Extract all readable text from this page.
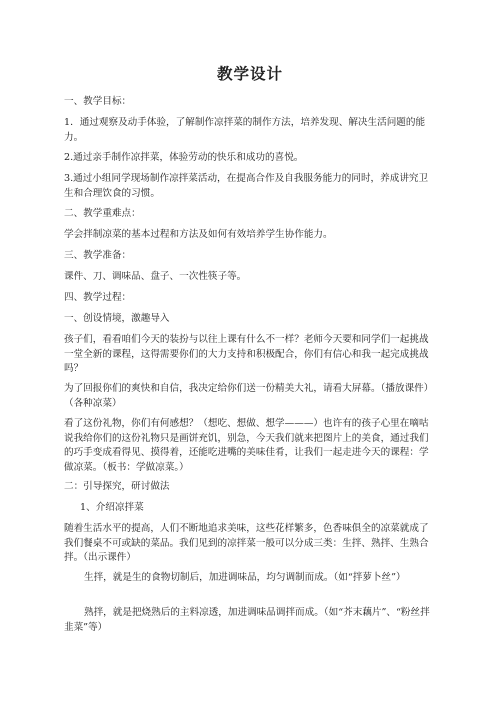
教学设计
一、教学目标：
1．通过观察及动手体验，了解制作凉拌菜的制作方法，培养发现、解决生活问题的能力。
2.通过亲手制作凉拌菜，体验劳动的快乐和成功的喜悦。
3.通过小组同学现场制作凉拌菜活动，在提高合作及自我服务能力的同时，养成讲究卫生和合理饮食的习惯。
二、教学重难点：
学会拌制凉菜的基本过程和方法及如何有效培养学生协作能力。
三、教学准备：
课件、刀、调味品、盘子、一次性筷子等。
四、教学过程：
一、创设情境，激趣导入
孩子们，看看咱们今天的装扮与以往上课有什么不一样？老师今天要和同学们一起挑战一堂全新的课程，这得需要你们的大力支持和积极配合，你们有信心和我一起完成挑战吗？
为了回报你们的爽快和自信，我决定给你们送一份精美大礼，请看大屏幕。（播放课件）（各种凉菜）
看了这份礼物，你们有何感想？（想吃、想做、想学———）也许有的孩子心里在嘀咕说我给你们的这份礼物只是画饼充饥，别急，今天我们就来把图片上的美食，通过我们的巧手变成看得见、摸得着，还能吃进嘴的美味佳肴，让我们一起走进今天的课程：学做凉菜。（板书：学做凉菜。）
二：引导探究，研讨做法
1、介绍凉拌菜
随着生活水平的提高，人们不断地追求美味，这些花样繁多，色香味俱全的凉菜就成了我们餐桌不可或缺的菜品。我们见到的凉拌菜一般可以分成三类：生拌、熟拌、生熟合拌。（出示课件）
生拌，就是生的食物切制后，加进调味品，均匀调制而成。（如“拌萝卜丝”）
熟拌，就是把烧熟后的主料凉透，加进调味品调拌而成。（如“芥末藕片”、“粉丝拌韭菜”等）
